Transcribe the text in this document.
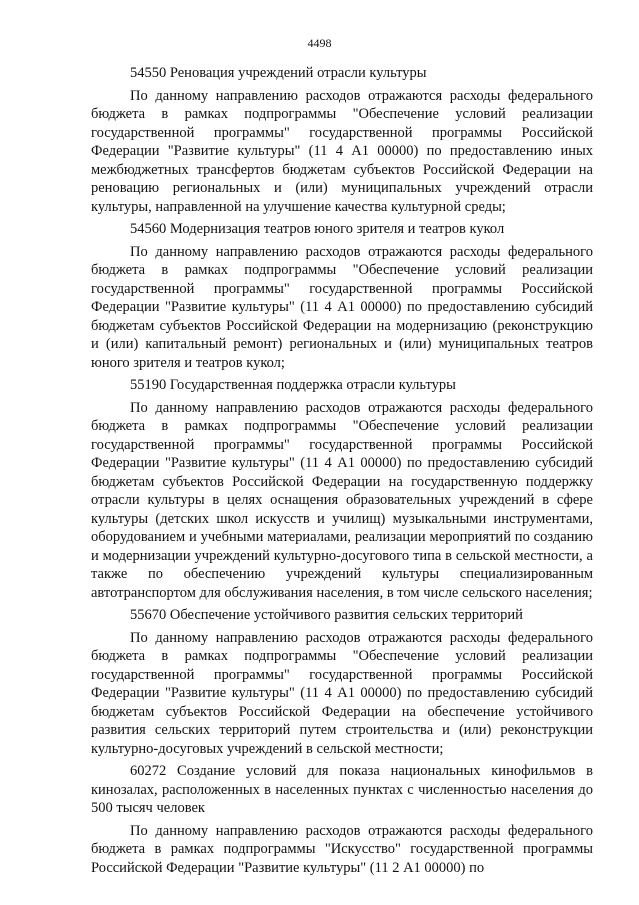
4498

54550 Реновация учреждений отрасли культуры

По данному направлению расходов отражаются расходы федерального бюджета в рамках подпрограммы "Обеспечение условий реализации государственной программы" государственной программы Российской Федерации "Развитие культуры" (11 4 А1 00000) по предоставлению иных межбюджетных трансфертов бюджетам субъектов Российской Федерации на реновацию региональных и (или) муниципальных учреждений отрасли культуры, направленной на улучшение качества культурной среды;

54560 Модернизация театров юного зрителя и театров кукол

По данному направлению расходов отражаются расходы федерального бюджета в рамках подпрограммы "Обеспечение условий реализации государственной программы" государственной программы Российской Федерации "Развитие культуры" (11 4 А1 00000) по предоставлению субсидий бюджетам субъектов Российской Федерации на модернизацию (реконструкцию и (или) капитальный ремонт) региональных и (или) муниципальных театров юного зрителя и театров кукол;

55190 Государственная поддержка отрасли культуры

По данному направлению расходов отражаются расходы федерального бюджета в рамках подпрограммы "Обеспечение условий реализации государственной программы" государственной программы Российской Федерации "Развитие культуры" (11 4 А1 00000) по предоставлению субсидий бюджетам субъектов Российской Федерации на государственную поддержку отрасли культуры в целях оснащения образовательных учреждений в сфере культуры (детских школ искусств и училищ) музыкальными инструментами, оборудованием и учебными материалами, реализации мероприятий по созданию и модернизации учреждений культурно-досугового типа в сельской местности, а также по обеспечению учреждений культуры специализированным автотранспортом для обслуживания населения, в том числе сельского населения;

55670 Обеспечение устойчивого развития сельских территорий

По данному направлению расходов отражаются расходы федерального бюджета в рамках подпрограммы "Обеспечение условий реализации государственной программы" государственной программы Российской Федерации "Развитие культуры" (11 4 А1 00000) по предоставлению субсидий бюджетам субъектов Российской Федерации на обеспечение устойчивого развития сельских территорий путем строительства и (или) реконструкции культурно-досуговых учреждений в сельской местности;

60272 Создание условий для показа национальных кинофильмов в кинозалах, расположенных в населенных пунктах с численностью населения до 500 тысяч человек

По данному направлению расходов отражаются расходы федерального бюджета в рамках подпрограммы "Искусство" государственной программы Российской Федерации "Развитие культуры" (11 2 А1 00000) по
